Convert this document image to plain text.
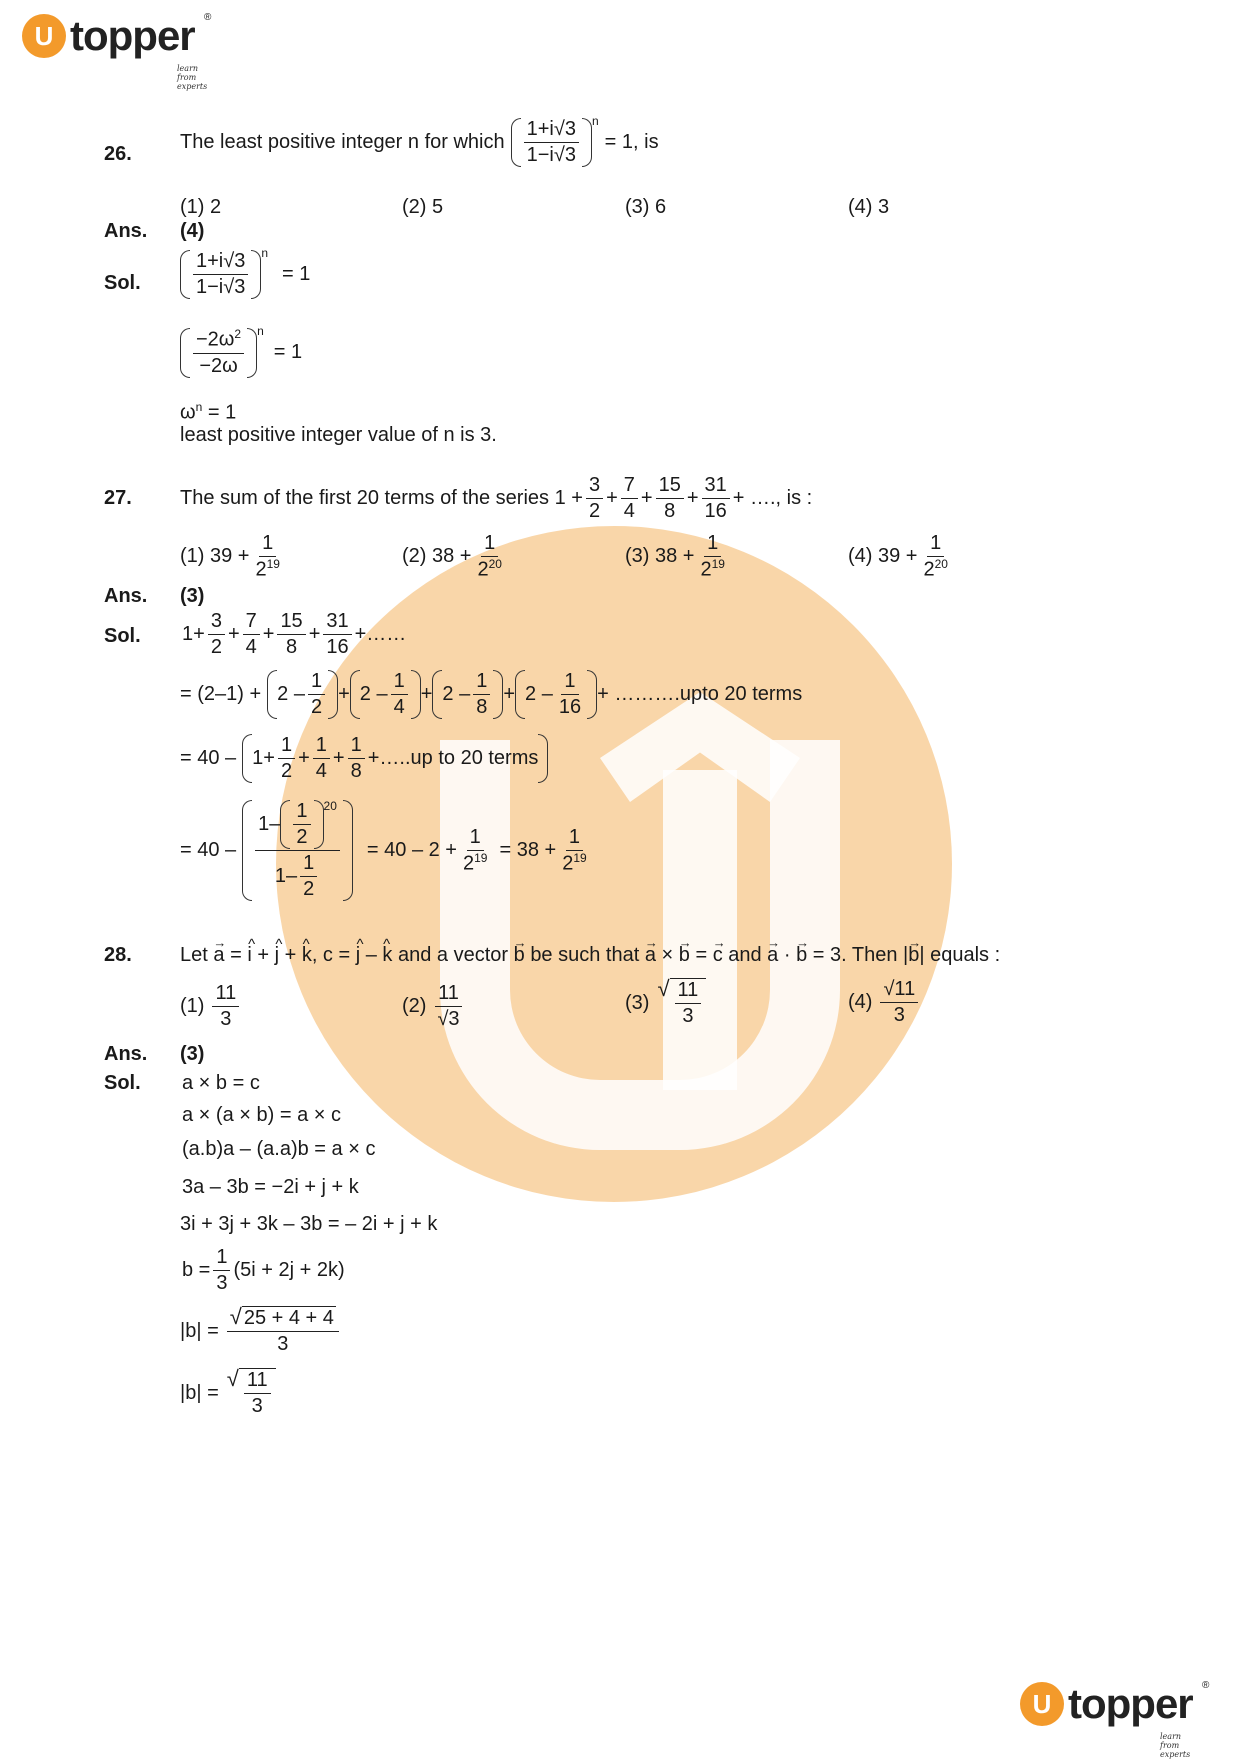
U topper ®
learn from experts
26.
The least positive integer n for which $\frac{1+i√3}{1-i√3} ^n$
= 1, is
(1) 2	(2) 5	(3) 6	(4) 3
Ans. (4)
Sol.	$\frac{1+i√3}{1-i√3} ^n$
= 1
$\frac{-2\omega^2}{-2\omega} ^n$
= 1
$\omega^n = 1$
least positive integer value of n is 3.
27. The sum of the first 20 terms of the series $1 + \frac{3}{2} + \frac{7}{4} + \frac{15}{8} + \frac{31}{16}$ + …., is :
(1) $39 + \frac{1}{2^{19}}$	(2) $38 + \frac{1}{2^{20}}$	(3) $38 + \frac{1}{2^{19}}$	(4) $39 + \frac{1}{2^{20}}$
Ans. (3)
Sol. $1+ \frac{3}{2} + \frac{7}{4} + \frac{15}{8} + \frac{31}{16}$ +……
= $(2-1) + 2 - \frac{1}{2} + 2 - \frac{1}{4} + 2 - \frac{1}{8} + 2 - \frac{1}{16}$ + ……….upto 20 terms
= $40 - 1+ \frac{1}{2} + \frac{1}{4} + \frac{1}{8}$ +…..up to 20 terms
= $40 - \frac{1- \frac{1}{2} ^{20}}{1- \frac{1}{2}} = 40 - 2 + \frac{1}{2^{19}} = 38 + \frac{1}{2^{19}}$
28. Let → a = ^ i + ^ j + ^ k, c = ^ j – ^ k and a vector → b be such that → a × → b = → c and → a · → b = 3. Then |→ b| equals :
$(1) \frac{11}{3}$	$(2) \frac{11}{√3}$	(3)
√ $\frac{11}{3}$	$(4) \frac{√11}{3}$
Ans. (3)
Sol. a × b = c
a × (a × b) = a × c
(a.b)a – (a.a)b = a × c
3a – 3b = −2i + j + k
3i + 3j + 3k – 3b = – 2i + j + k
$b = \frac{1}{3} (5i + 2j + 2k)$
$|b| = \frac{√ 25 + 4 + 4}{3}$
|b| =
√ $\frac{11}{3}$
U topper ®
learn from experts
